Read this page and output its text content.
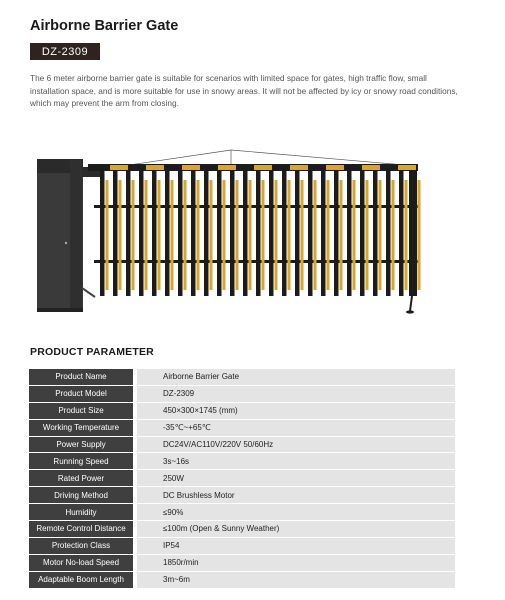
Airborne Barrier Gate
DZ-2309
The 6 meter airborne barrier gate is suitable for scenarios with limited space for gates, high traffic flow, small installation space, and is more suitable for use in snowy areas. It will not be affected by icy or snowy road conditions, which may prevent the arm from closing.
PRODUCT PARAMETER
Product Name		Airborne Barrier Gate
Product Model		DZ-2309
Product Size		450×300×1745 (mm)
Working Temperature		-35℃~+65℃
Power Supply		DC24V/AC110V/220V 50/60Hz
Running Speed		3s~16s
Rated Power		250W
Driving Method		DC Brushless Motor
Humidity		≤90%
Remote Control Distance		≤100m (Open & Sunny Weather)
Protection Class		IP54
Motor No-load Speed		1850r/min
Adaptable Boom Length		3m~6m
